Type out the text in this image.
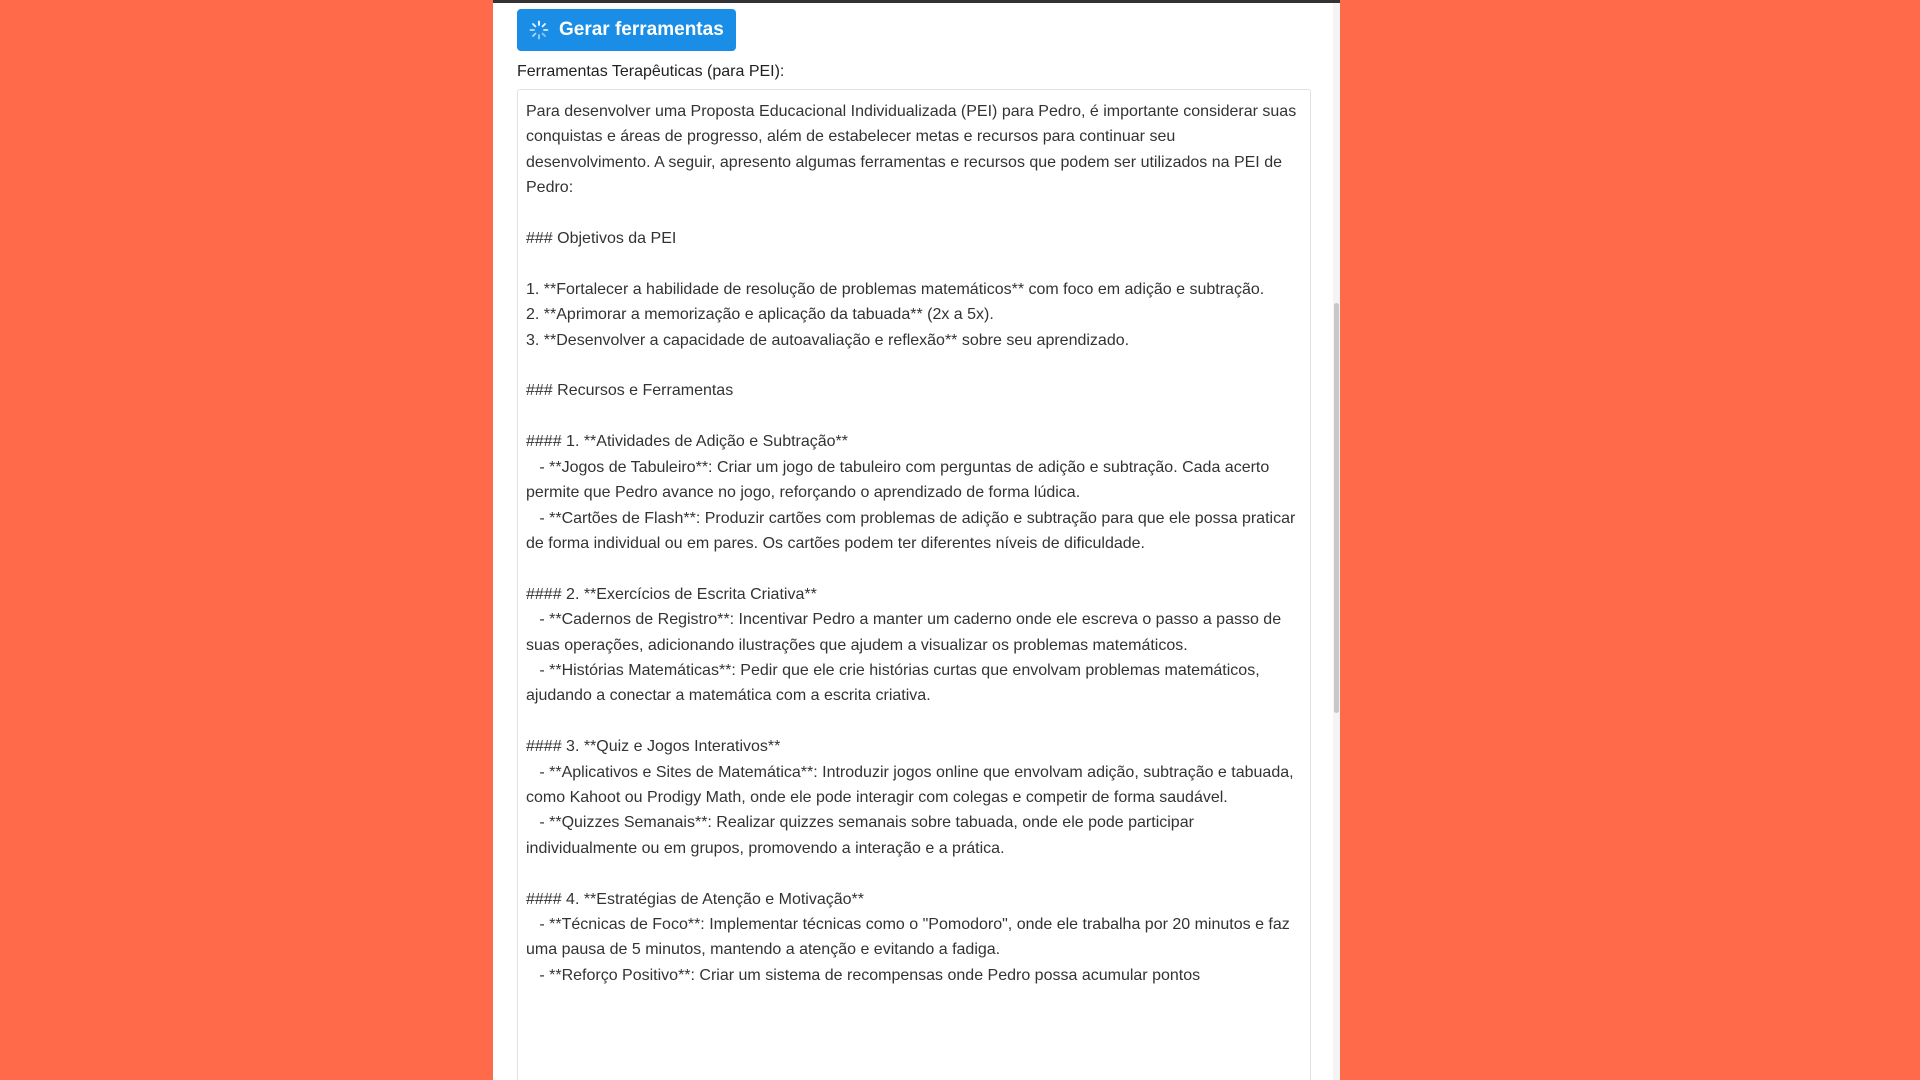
Gerar ferramentas
Ferramentas Terapêuticas (para PEI):
Para desenvolver uma Proposta Educacional Individualizada (PEI) para Pedro, é importante considerar suas conquistas e áreas de progresso, além de estabelecer metas e recursos para continuar seu desenvolvimento. A seguir, apresento algumas ferramentas e recursos que podem ser utilizados na PEI de Pedro:

### Objetivos da PEI

1. **Fortalecer a habilidade de resolução de problemas matemáticos** com foco em adição e subtração.
2. **Aprimorar a memorização e aplicação da tabuada** (2x a 5x).
3. **Desenvolver a capacidade de autoavaliação e reflexão** sobre seu aprendizado.

### Recursos e Ferramentas

#### 1. **Atividades de Adição e Subtração**
- **Jogos de Tabuleiro**: Criar um jogo de tabuleiro com perguntas de adição e subtração. Cada acerto permite que Pedro avance no jogo, reforçando o aprendizado de forma lúdica.
- **Cartões de Flash**: Produzir cartões com problemas de adição e subtração para que ele possa praticar de forma individual ou em pares. Os cartões podem ter diferentes níveis de dificuldade.

#### 2. **Exercícios de Escrita Criativa**
- **Cadernos de Registro**: Incentivar Pedro a manter um caderno onde ele escreva o passo a passo de suas operações, adicionando ilustrações que ajudem a visualizar os problemas matemáticos.
- **Histórias Matemáticas**: Pedir que ele crie histórias curtas que envolvam problemas matemáticos, ajudando a conectar a matemática com a escrita criativa.

#### 3. **Quiz e Jogos Interativos**
- **Aplicativos e Sites de Matemática**: Introduzir jogos online que envolvam adição, subtração e tabuada, como Kahoot ou Prodigy Math, onde ele pode interagir com colegas e competir de forma saudável.
- **Quizzes Semanais**: Realizar quizzes semanais sobre tabuada, onde ele pode participar individualmente ou em grupos, promovendo a interação e a prática.

#### 4. **Estratégias de Atenção e Motivação**
- **Técnicas de Foco**: Implementar técnicas como o "Pomodoro", onde ele trabalha por 20 minutos e faz uma pausa de 5 minutos, mantendo a atenção e evitando a fadiga.
- **Reforço Positivo**: Criar um sistema de recompensas onde Pedro possa acumular pontos
